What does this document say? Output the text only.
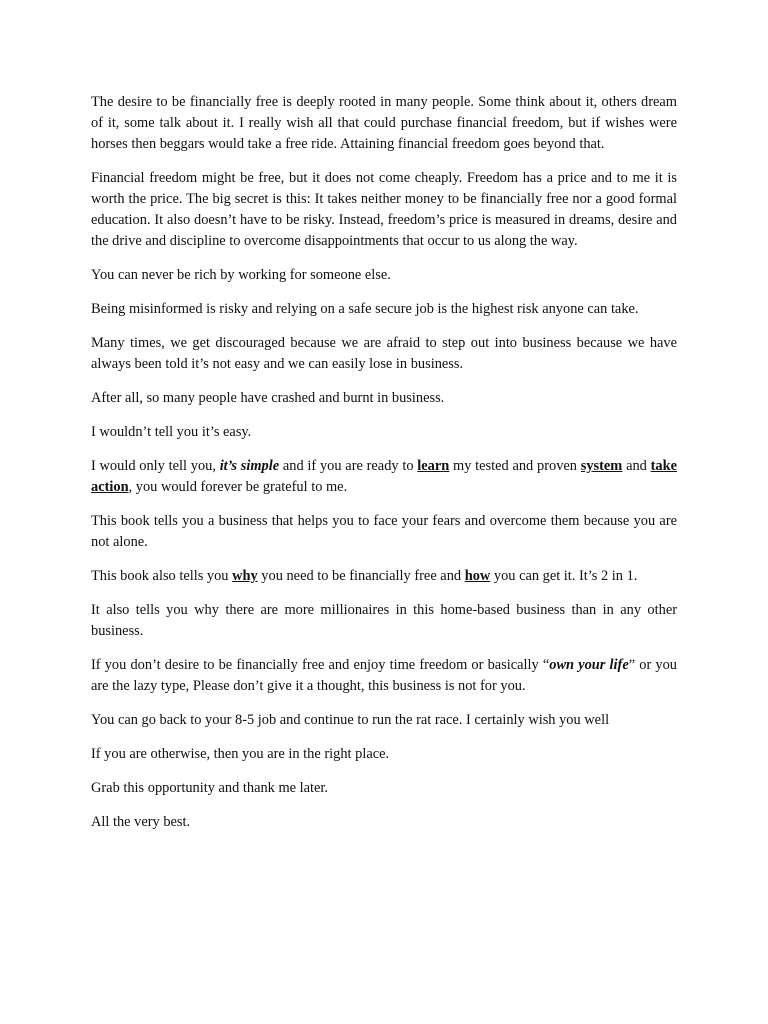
The desire to be financially free is deeply rooted in many people. Some think about it, others dream of it, some talk about it. I really wish all that could purchase financial freedom, but if wishes were horses then beggars would take a free ride. Attaining financial freedom goes beyond that.

Financial freedom might be free, but it does not come cheaply. Freedom has a price and to me it is worth the price. The big secret is this: It takes neither money to be financially free nor a good formal education. It also doesn’t have to be risky. Instead, freedom’s price is measured in dreams, desire and the drive and discipline to overcome disappointments that occur to us along the way.

You can never be rich by working for someone else.

Being misinformed is risky and relying on a safe secure job is the highest risk anyone can take.

Many times, we get discouraged because we are afraid to step out into business because we have always been told it’s not easy and we can easily lose in business.

After all, so many people have crashed and burnt in business.

I wouldn’t tell you it’s easy.

I would only tell you, it’s simple and if you are ready to learn my tested and proven system and take action, you would forever be grateful to me.

This book tells you a business that helps you to face your fears and overcome them because you are not alone.

This book also tells you why you need to be financially free and how you can get it. It’s 2 in 1.

It also tells you why there are more millionaires in this home-based business than in any other business.

If you don’t desire to be financially free and enjoy time freedom or basically “own your life” or you are the lazy type, Please don’t give it a thought, this business is not for you.

You can go back to your 8-5 job and continue to run the rat race. I certainly wish you well

If you are otherwise, then you are in the right place.

Grab this opportunity and thank me later.

All the very best.
